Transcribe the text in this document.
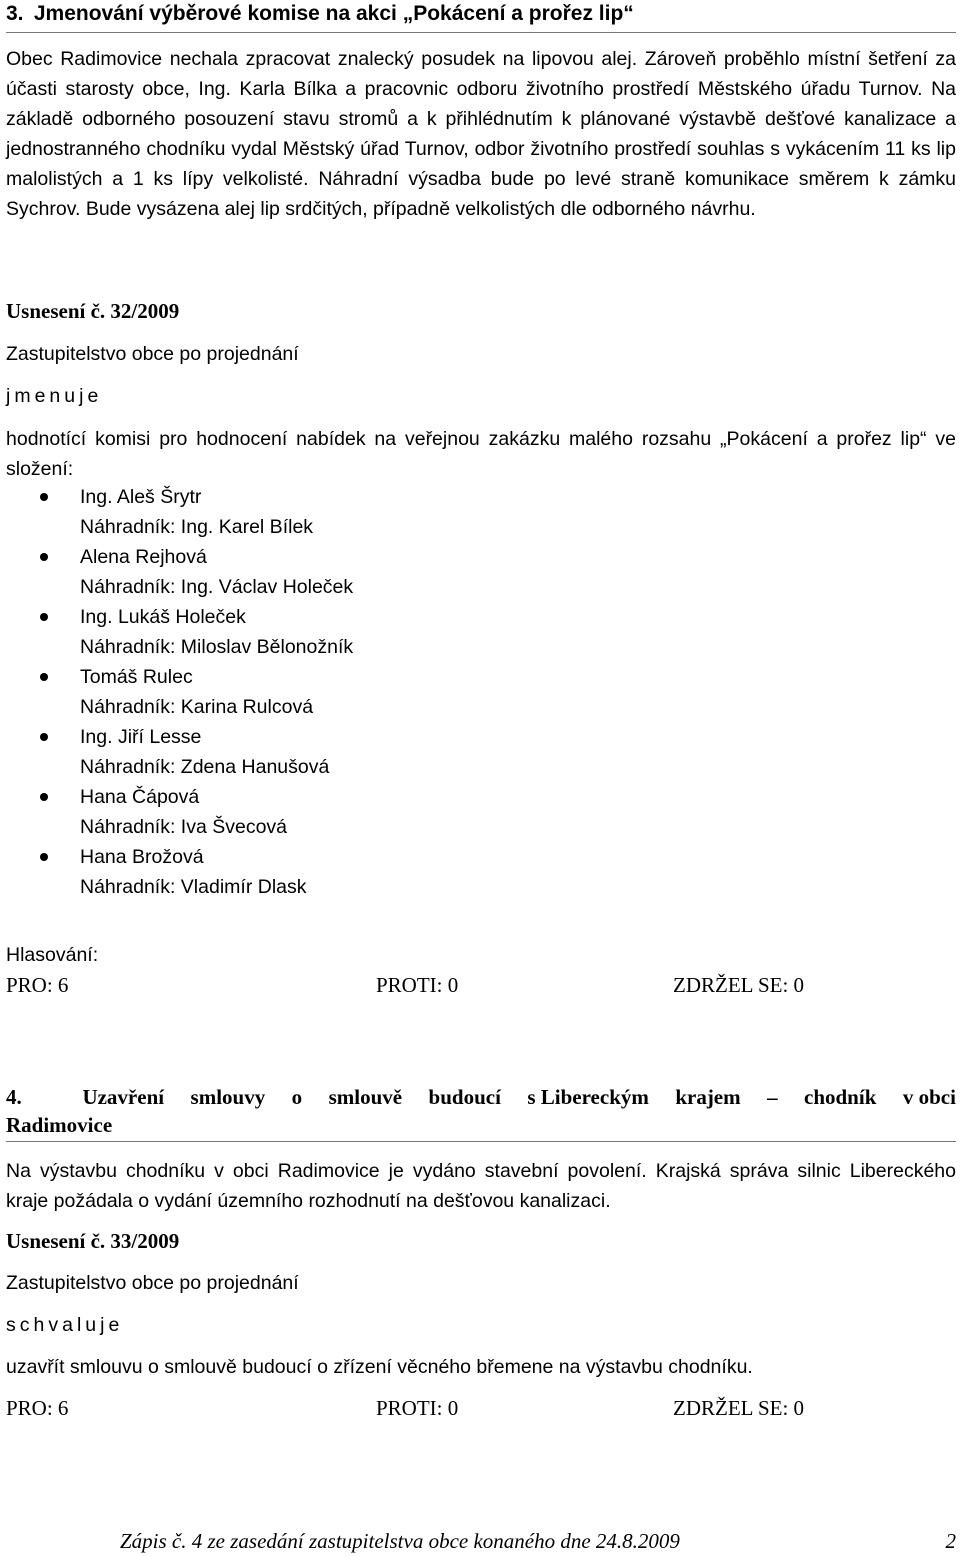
3. Jmenování výběrové komise na akci „Pokácení a prořez lip“

Obec Radimovice nechala zpracovat znalecký posudek na lipovou alej. Zároveň proběhlo místní šetření za účasti starosty obce, Ing. Karla Bílka a pracovnic odboru životního prostředí Městského úřadu Turnov. Na základě odborného posouzení stavu stromů a k přihlédnutím k plánované výstavbě dešťové kanalizace a jednostranného chodníku vydal Městský úřad Turnov, odbor životního prostředí souhlas s vykácením 11 ks lip malolistých a 1 ks lípy velkolisté. Náhradní výsadba bude po levé straně komunikace směrem k zámku Sychrov. Bude vysázena alej lip srdčitých, případně velkolistých dle odborného návrhu.

Usnesení č. 32/2009
Zastupitelstvo obce po projednání
jmenuje
hodnotící komisi pro hodnocení nabídek na veřejnou zakázku malého rozsahu „Pokácení a prořez lip“ ve složení:
Ing. Aleš Šrytr
Náhradník: Ing. Karel Bílek
Alena Rejhová
Náhradník: Ing. Václav Holeček
Ing. Lukáš Holeček
Náhradník: Miloslav Bělonožník
Tomáš Rulec
Náhradník: Karina Rulcová
Ing. Jiří Lesse
Náhradník: Zdena Hanušová
Hana Čápová
Náhradník: Iva Švecová
Hana Brožová
Náhradník: Vladimír Dlask
Hlasování:
PRO: 6	PROTI: 0	ZDRŽEL SE: 0
4.	Uzavření smlouvy o smlouvě budoucí s Libereckým krajem – chodník v obci
Radimovice

Na výstavbu chodníku v obci Radimovice je vydáno stavební povolení. Krajská správa silnic Libereckého kraje požádala o vydání územního rozhodnutí na dešťovou kanalizaci.

Usnesení č. 33/2009
Zastupitelstvo obce po projednání
schvaluje
uzavřít smlouvu o smlouvě budoucí o zřízení věcného břemene na výstavbu chodníku.
PRO: 6	PROTI: 0	ZDRŽEL SE: 0
Zápis č. 4 ze zasedání zastupitelstva obce konaného dne 24.8.2009	2
